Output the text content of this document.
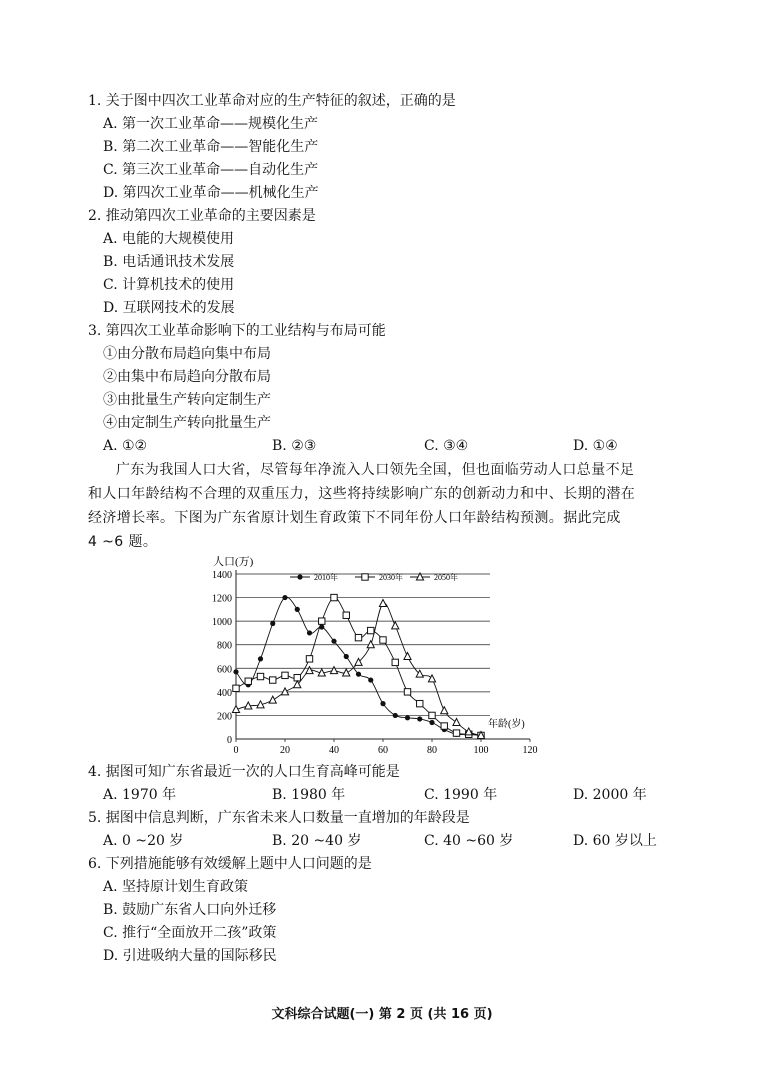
1. 关于图中四次工业革命对应的生产特征的叙述，正确的是
A. 第一次工业革命——规模化生产
B. 第二次工业革命——智能化生产
C. 第三次工业革命——自动化生产
D. 第四次工业革命——机械化生产
2. 推动第四次工业革命的主要因素是
A. 电能的大规模使用
B. 电话通讯技术发展
C. 计算机技术的使用
D. 互联网技术的发展
3. 第四次工业革命影响下的工业结构与布局可能
①由分散布局趋向集中布局
②由集中布局趋向分散布局
③由批量生产转向定制生产
④由定制生产转向批量生产
A. ①②	B. ②③	C. ③④	D. ①④
广东为我国人口大省，尽管每年净流入人口领先全国，但也面临劳动人口总量不足
和人口年龄结构不合理的双重压力，这些将持续影响广东的创新动力和中、长期的潜在
经济增长率。下图为广东省原计划生育政策下不同年份人口年龄结构预测。据此完成
4 ~6 题。
0
200
400
600
800
1000
1200
1400
0	20	40	60	80	100	120
人口(万)
年龄(岁)
2010年	2030年	2050年
4. 据图可知广东省最近一次的人口生育高峰可能是
A. 1970 年	B. 1980 年	C. 1990 年	D. 2000 年
5. 据图中信息判断，广东省未来人口数量一直增加的年龄段是
A. 0 ~20 岁	B. 20 ~40 岁	C. 40 ~60 岁	D. 60 岁以上
6. 下列措施能够有效缓解上题中人口问题的是
A. 坚持原计划生育政策
B. 鼓励广东省人口向外迁移
C. 推行“全面放开二孩”政策
D. 引进吸纳大量的国际移民
文科综合试题(一) 第 2 页 (共 16 页)
